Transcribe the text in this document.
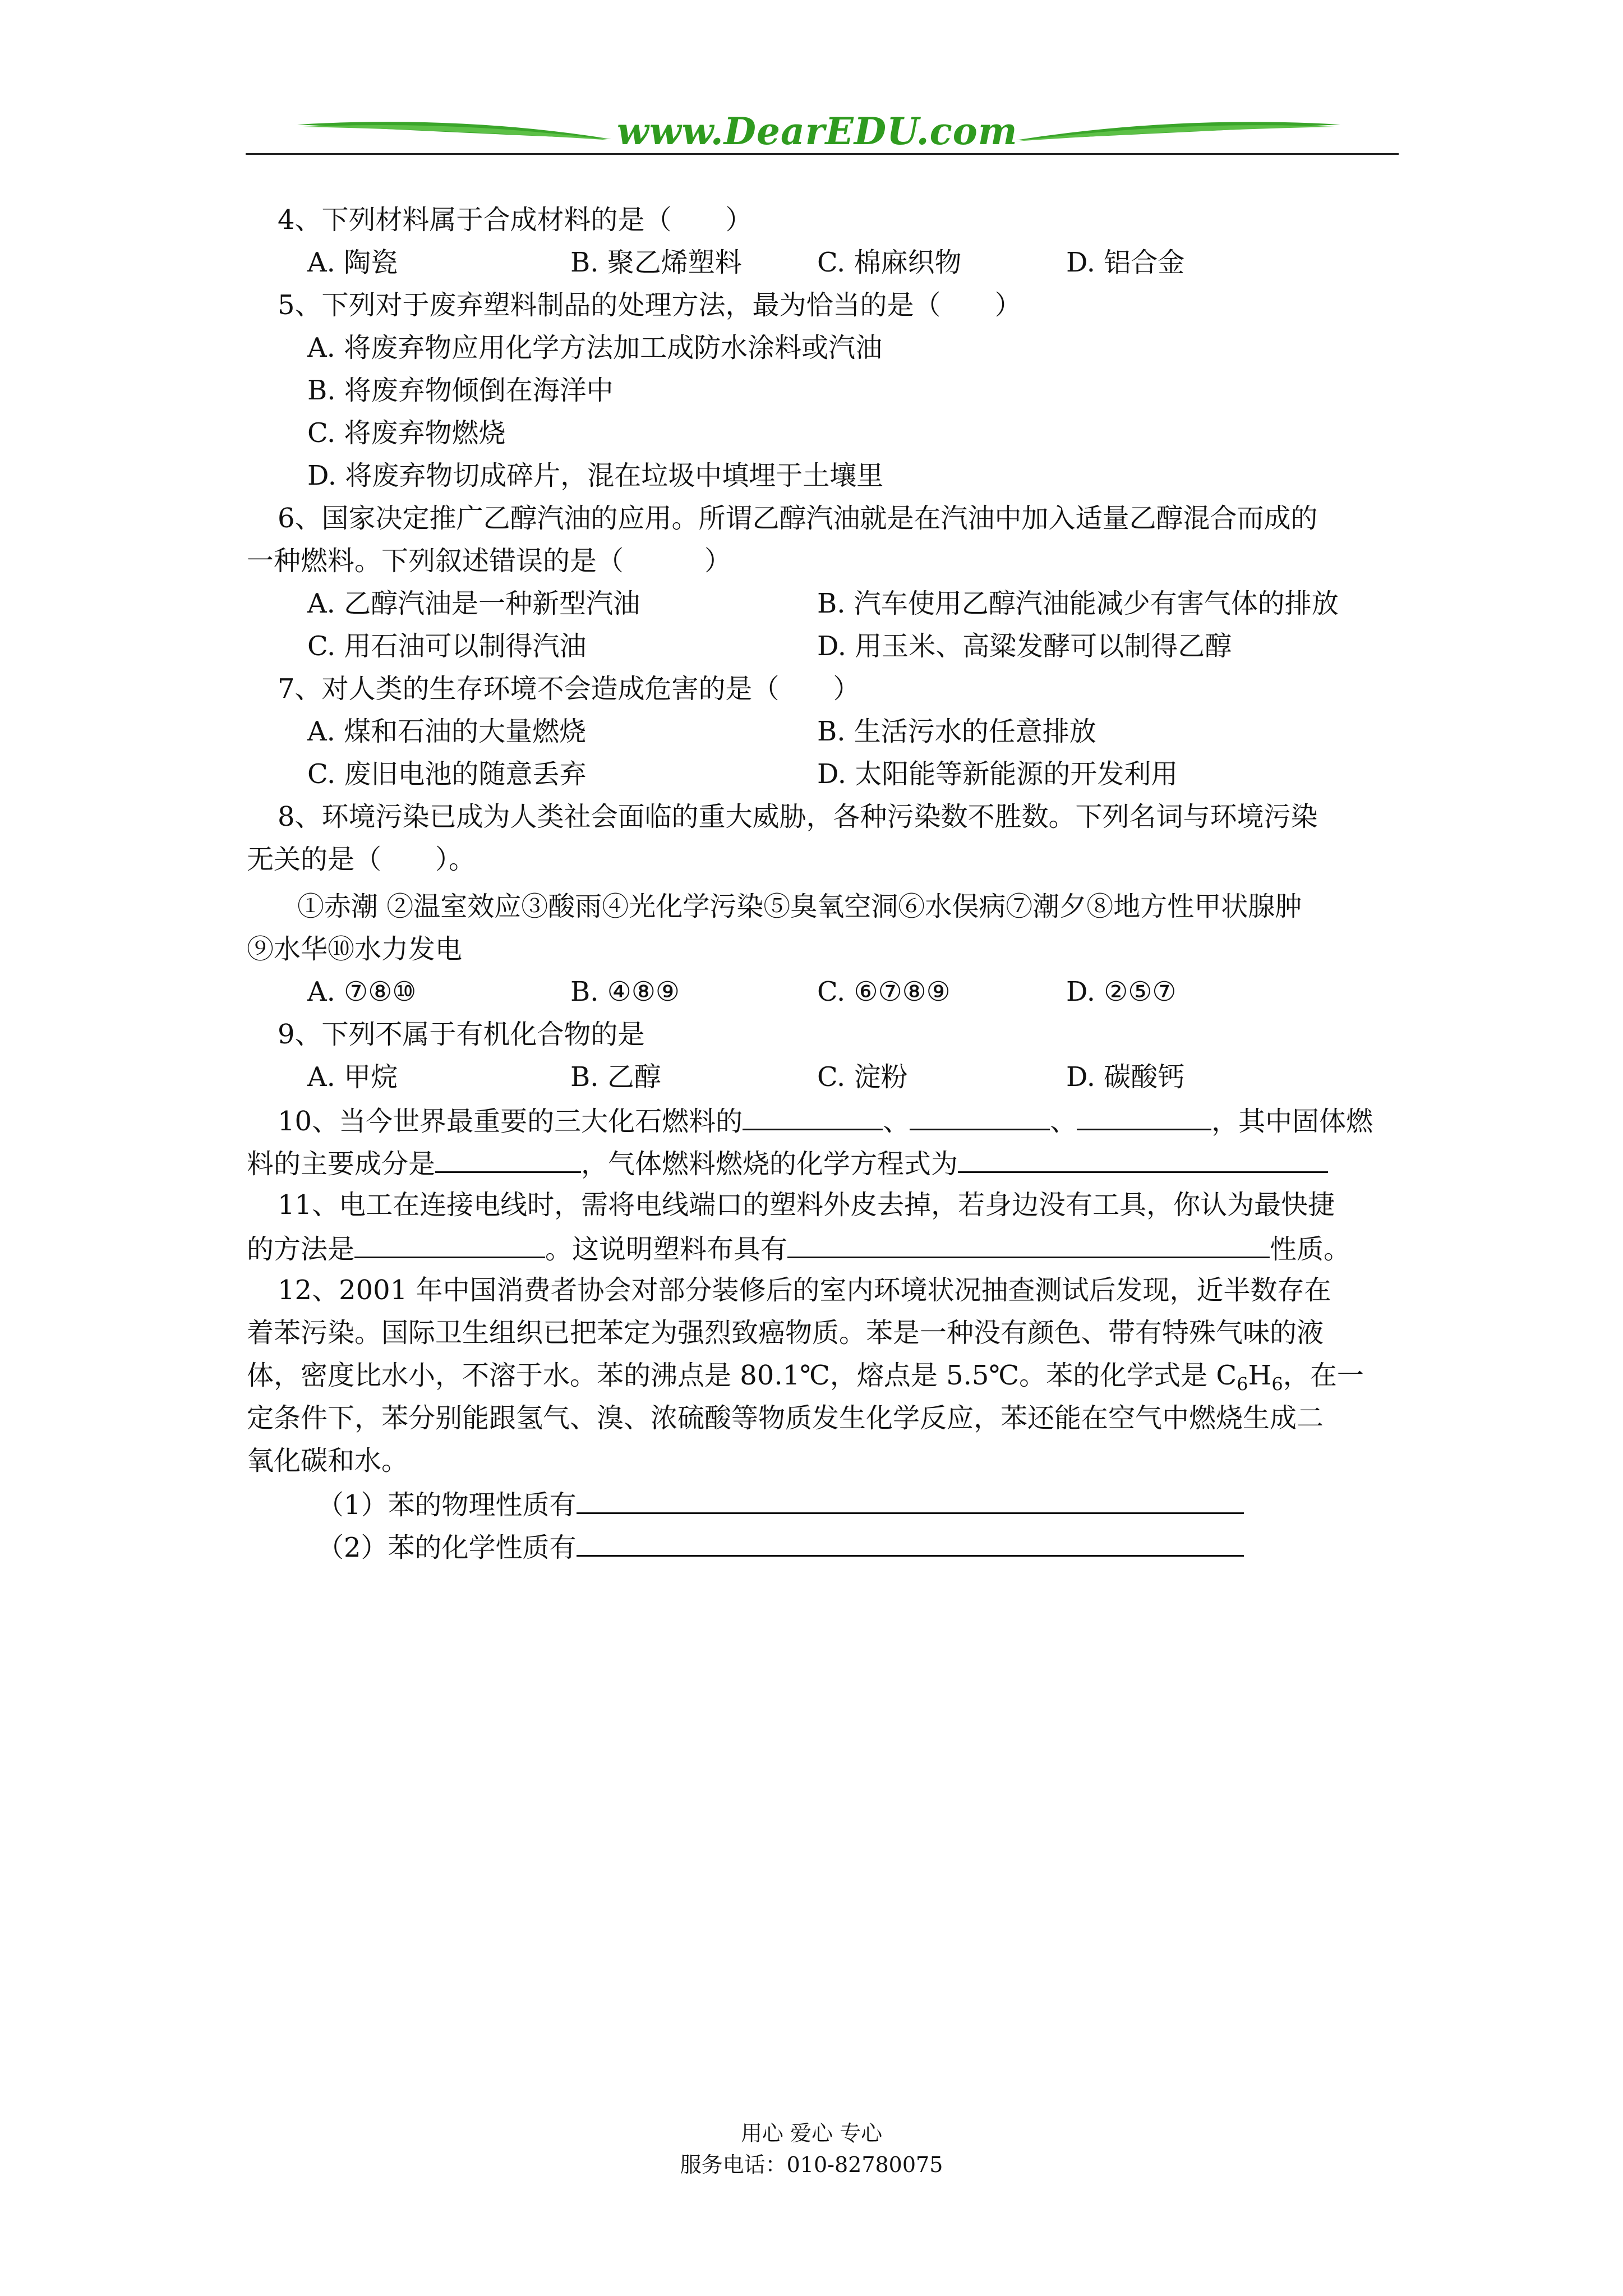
www.DearEDU.com
4、下列材料属于合成材料的是（　　）
A. 陶瓷	B. 聚乙烯塑料	C. 棉麻织物	D. 铝合金
5、下列对于废弃塑料制品的处理方法，最为恰当的是（　　）
A. 将废弃物应用化学方法加工成防水涂料或汽油
B. 将废弃物倾倒在海洋中
C. 将废弃物燃烧
D. 将废弃物切成碎片，混在垃圾中填埋于土壤里
6、国家决定推广乙醇汽油的应用。所谓乙醇汽油就是在汽油中加入适量乙醇混合而成的
一种燃料。下列叙述错误的是（　　　）
A. 乙醇汽油是一种新型汽油	B. 汽车使用乙醇汽油能减少有害气体的排放
C. 用石油可以制得汽油	D. 用玉米、高粱发酵可以制得乙醇
7、对人类的生存环境不会造成危害的是（　　）
A. 煤和石油的大量燃烧	B. 生活污水的任意排放
C. 废旧电池的随意丢弃	D. 太阳能等新能源的开发利用
8、环境污染已成为人类社会面临的重大威胁，各种污染数不胜数。下列名词与环境污染
无关的是（　　）。
①赤潮 ②温室效应③酸雨④光化学污染⑤臭氧空洞⑥水俣病⑦潮夕⑧地方性甲状腺肿
⑨水华⑩水力发电
A. ⑦⑧⑩	B. ④⑧⑨	C. ⑥⑦⑧⑨	D. ②⑤⑦
9、下列不属于有机化合物的是
A. 甲烷	B. 乙醇	C. 淀粉	D. 碳酸钙
10、当今世界最重要的三大化石燃料的	、	、	，其中固体燃
料的主要成分是	，气体燃料燃烧的化学方程式为
11、电工在连接电线时，需将电线端口的塑料外皮去掉，若身边没有工具，你认为最快捷
的方法是	。这说明塑料布具有	性质。
12、2001 年中国消费者协会对部分装修后的室内环境状况抽查测试后发现，近半数存在
着苯污染。国际卫生组织已把苯定为强烈致癌物质。苯是一种没有颜色、带有特殊气味的液
体，密度比水小，不溶于水。苯的沸点是 80.1℃，熔点是 5.5℃。苯的化学式是 $C_6H_6$，在一
定条件下，苯分别能跟氢气、溴、浓硫酸等物质发生化学反应，苯还能在空气中燃烧生成二
氧化碳和水。
（1）苯的物理性质有
（2）苯的化学性质有
用心 爱心 专心
服务电话：010-82780075
